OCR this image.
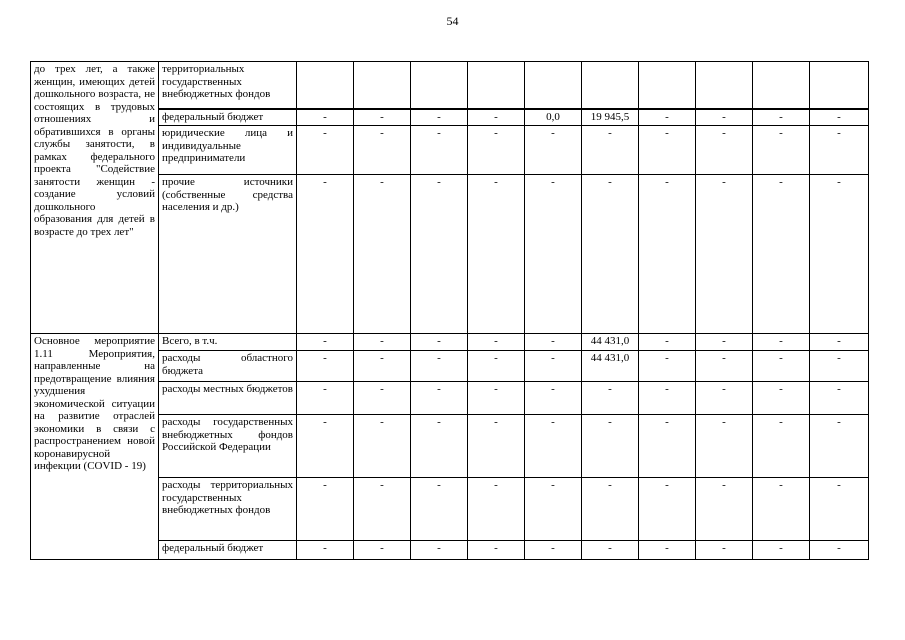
54
до трех лет, а также женщин, имеющих детей дошкольного возраста, не состоящих в трудовых отношениях и обратившихся в органы службы занятости, в рамках федерального проекта "Содействие занятости женщин - создание условий дошкольного образования для детей в возрасте до трех лет"	территориальных государственных внебюджетных фондов										
	федеральный бюджет	-	-	-	-	0,0	19 945,5	-	-	-	-
	юридические лица и индивидуальные предприниматели	-	-	-	-	-	-	-	-	-	-
	прочие источники (собственные средства населения и др.)	-	-	-	-	-	-	-	-	-	-
Основное мероприятие 1.11 Мероприятия, направленные на предотвращение влияния ухудшения экономической ситуации на развитие отраслей экономики в связи с распространением новой коронавирусной инфекции (COVID - 19)	Всего, в т.ч.	-	-	-	-	-	44 431,0	-	-	-	-
	расходы областного бюджета	-	-	-	-	-	44 431,0	-	-	-	-
	расходы местных бюджетов	-	-	-	-	-	-	-	-	-	-
	расходы государственных внебюджетных фондов Российской Федерации	-	-	-	-	-	-	-	-	-	-
	расходы территориальных государственных внебюджетных фондов	-	-	-	-	-	-	-	-	-	-
	федеральный бюджет	-	-	-	-	-	-	-	-	-	-
